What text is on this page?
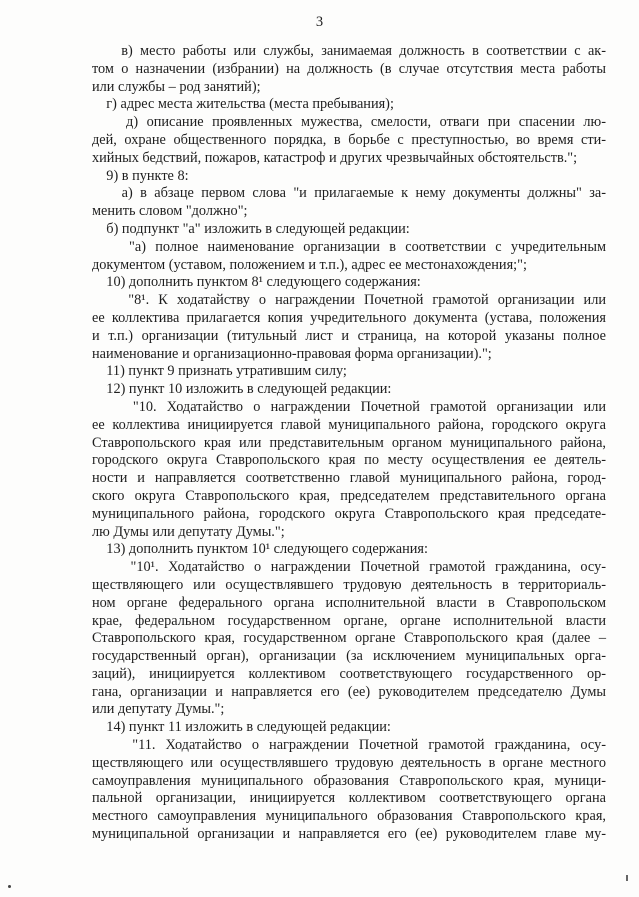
3
в) место работы или службы, занимаемая должность в соответствии с ак-
том о назначении (избрании) на должность (в случае отсутствия места работы
или службы – род занятий);
г) адрес места жительства (места пребывания);
д) описание проявленных мужества, смелости, отваги при спасении лю-
дей, охране общественного порядка, в борьбе с преступностью, во время сти-
хийных бедствий, пожаров, катастроф и других чрезвычайных обстоятельств.";
9) в пункте 8:
а) в абзаце первом слова "и прилагаемые к нему документы должны" за-
менить словом "должно";
б) подпункт "а" изложить в следующей редакции:
"а) полное наименование организации в соответствии с учредительным
документом (уставом, положением и т.п.), адрес ее местонахождения;";
10) дополнить пунктом 8¹ следующего содержания:
"8¹. К ходатайству о награждении Почетной грамотой организации или
ее коллектива прилагается копия учредительного документа (устава, положения
и т.п.) организации (титульный лист и страница, на которой указаны полное
наименование и организационно-правовая форма организации).";
11) пункт 9 признать утратившим силу;
12) пункт 10 изложить в следующей редакции:
"10. Ходатайство о награждении Почетной грамотой организации или
ее коллектива инициируется главой муниципального района, городского округа
Ставропольского края или представительным органом муниципального района,
городского округа Ставропольского края по месту осуществления ее деятель-
ности и направляется соответственно главой муниципального района, город-
ского округа Ставропольского края, председателем представительного органа
муниципального района, городского округа Ставропольского края председате-
лю Думы или депутату Думы.";
13) дополнить пунктом 10¹ следующего содержания:
"10¹. Ходатайство о награждении Почетной грамотой гражданина, осу-
ществляющего или осуществлявшего трудовую деятельность в территориаль-
ном органе федерального органа исполнительной власти в Ставропольском
крае, федеральном государственном органе, органе исполнительной власти
Ставропольского края, государственном органе Ставропольского края (далее –
государственный орган), организации (за исключением муниципальных орга-
заций), инициируется коллективом соответствующего государственного ор-
гана, организации и направляется его (ее) руководителем председателю Думы
или депутату Думы.";
14) пункт 11 изложить в следующей редакции:
"11. Ходатайство о награждении Почетной грамотой гражданина, осу-
ществляющего или осуществлявшего трудовую деятельность в органе местного
самоуправления муниципального образования Ставропольского края, муници-
пальной организации, инициируется коллективом соответствующего органа
местного самоуправления муниципального образования Ставропольского края,
муниципальной организации и направляется его (ее) руководителем главе му-
